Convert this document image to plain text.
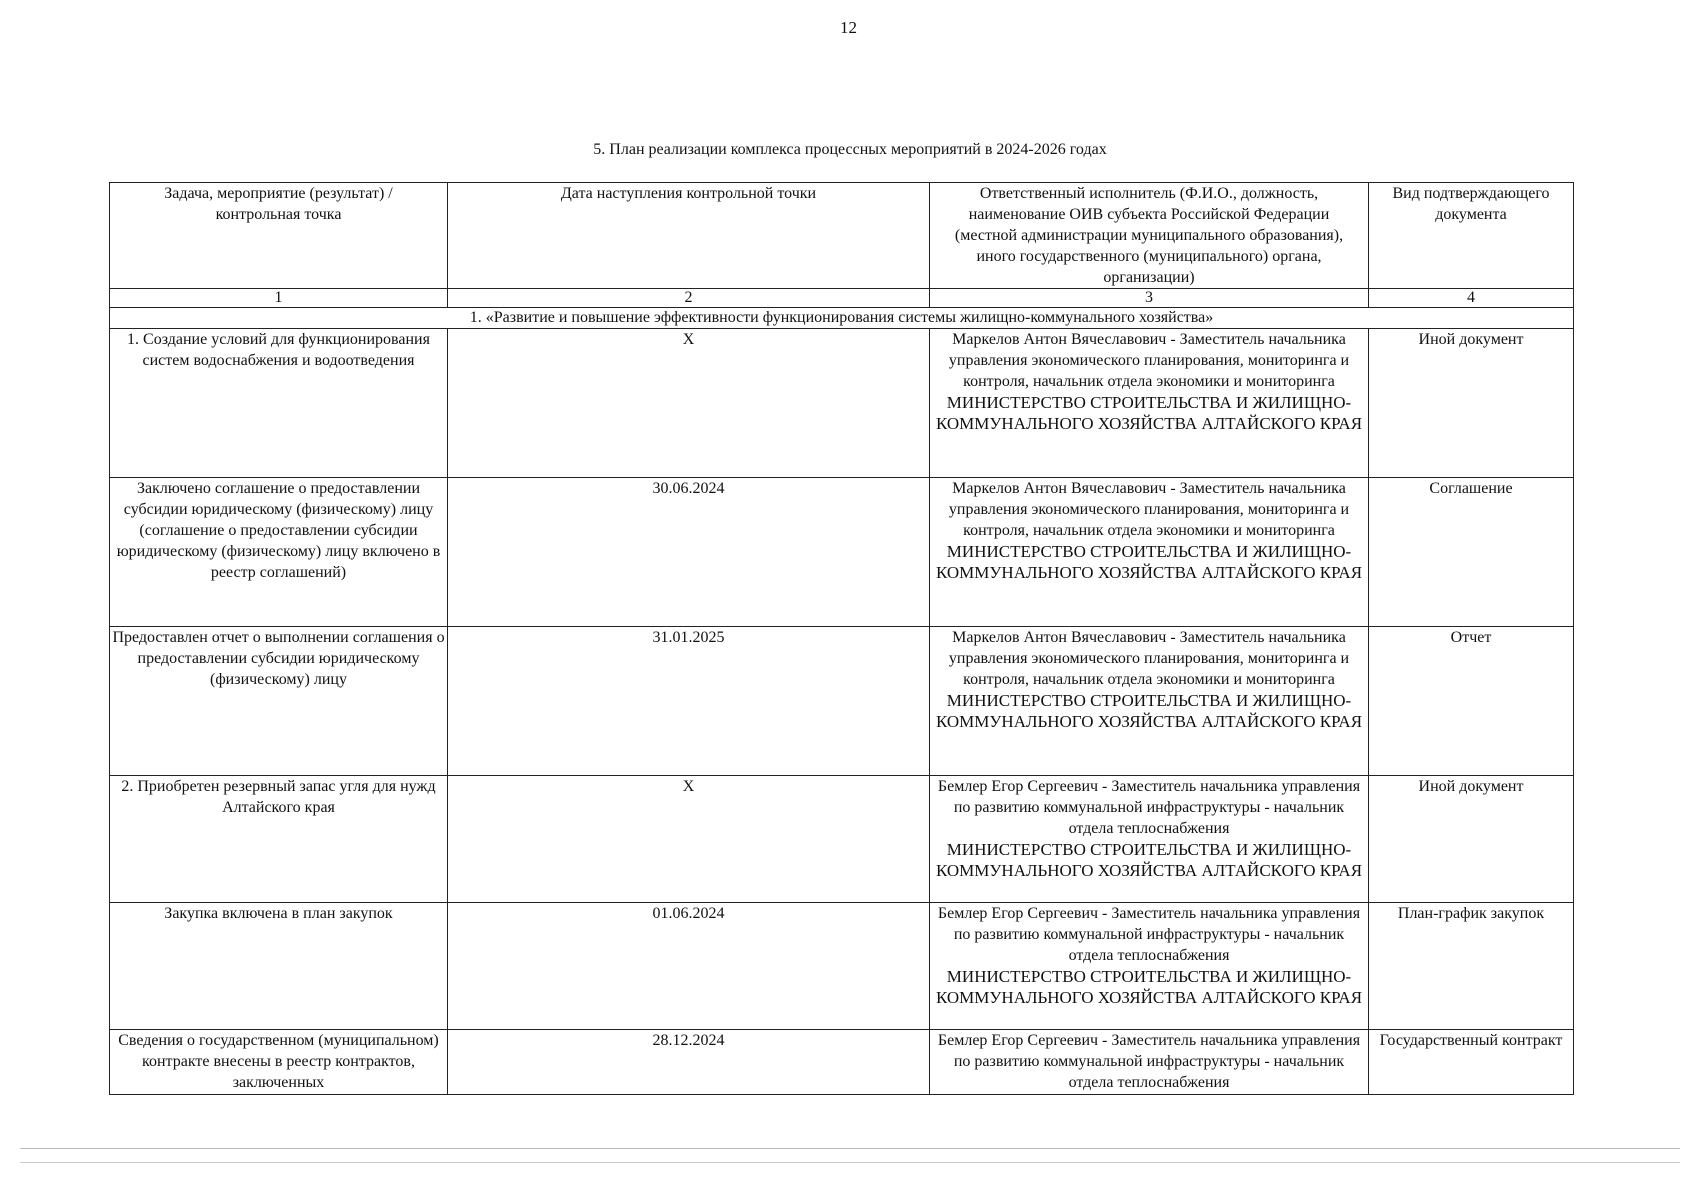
12
5. План реализации комплекса процессных мероприятий в 2024-2026 годах
Задача, мероприятие (результат) / контрольная точка	Дата наступления контрольной точки	Ответственный исполнитель (Ф.И.О., должность, наименование ОИВ субъекта Российской Федерации (местной администрации муниципального образования), иного государственного (муниципального) органа, организации)	Вид подтверждающего документа
1	2	3	4
1. «Развитие и повышение эффективности функционирования системы жилищно-коммунального хозяйства»			
1. Создание условий для функционирования систем водоснабжения и водоотведения	X	Маркелов Антон Вячеславович - Заместитель начальника управления экономического планирования, мониторинга и контроля, начальник отдела экономики и мониторинга
МИНИСТЕРСТВО СТРОИТЕЛЬСТВА И ЖИЛИЩНО-КОММУНАЛЬНОГО ХОЗЯЙСТВА АЛТАЙСКОГО КРАЯ	Иной документ
Заключено соглашение о предоставлении субсидии юридическому (физическому) лицу (соглашение о предоставлении субсидии юридическому (физическому) лицу включено в реестр соглашений)	30.06.2024	Маркелов Антон Вячеславович - Заместитель начальника управления экономического планирования, мониторинга и контроля, начальник отдела экономики и мониторинга
МИНИСТЕРСТВО СТРОИТЕЛЬСТВА И ЖИЛИЩНО-КОММУНАЛЬНОГО ХОЗЯЙСТВА АЛТАЙСКОГО КРАЯ	Соглашение
Предоставлен отчет о выполнении соглашения о предоставлении субсидии юридическому (физическому) лицу	31.01.2025	Маркелов Антон Вячеславович - Заместитель начальника управления экономического планирования, мониторинга и контроля, начальник отдела экономики и мониторинга
МИНИСТЕРСТВО СТРОИТЕЛЬСТВА И ЖИЛИЩНО-КОММУНАЛЬНОГО ХОЗЯЙСТВА АЛТАЙСКОГО КРАЯ	Отчет
2. Приобретен резервный запас угля для нужд Алтайского края	X	Бемлер Егор Сергеевич - Заместитель начальника управления по развитию коммунальной инфраструктуры - начальник отдела теплоснабжения
МИНИСТЕРСТВО СТРОИТЕЛЬСТВА И ЖИЛИЩНО-КОММУНАЛЬНОГО ХОЗЯЙСТВА АЛТАЙСКОГО КРАЯ	Иной документ
Закупка включена в план закупок	01.06.2024	Бемлер Егор Сергеевич - Заместитель начальника управления по развитию коммунальной инфраструктуры - начальник отдела теплоснабжения
МИНИСТЕРСТВО СТРОИТЕЛЬСТВА И ЖИЛИЩНО-КОММУНАЛЬНОГО ХОЗЯЙСТВА АЛТАЙСКОГО КРАЯ	План-график закупок
Сведения о государственном (муниципальном) контракте внесены в реестр контрактов, заключенных	28.12.2024	Бемлер Егор Сергеевич - Заместитель начальника управления по развитию коммунальной инфраструктуры - начальник отдела теплоснабжения	Государственный контракт
